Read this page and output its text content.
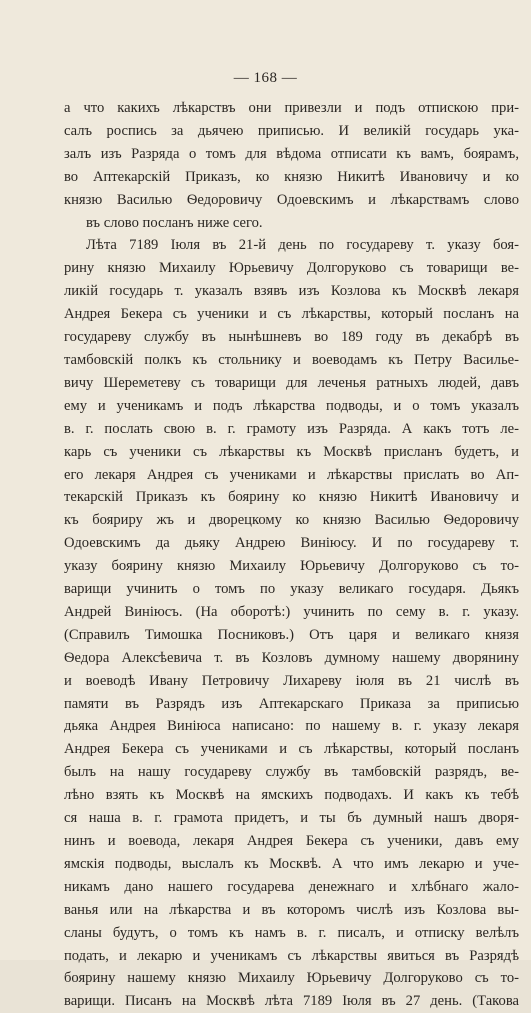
— 168 —
а что какихъ лѣкарствъ они привезли и подъ отпискою при-
салъ роспись за дьячею приписью. И великій государь ука-
залъ изъ Разряда о томъ для вѣдома отписати къ вамъ, боярамъ,
во Аптекарскій Приказъ, ко князю Никитѣ Ивановичу и ко
князю Василью Ѳедоровичу Одоевскимъ и лѣкарствамъ слово
въ слово посланъ ниже сего.
Лѣта 7189 Іюля въ 21-й день по государеву т. указу боя-
рину князю Михаилу Юрьевичу Долгоруково съ товарищи ве-
ликій государь т. указалъ взявъ изъ Козлова къ Москвѣ лекаря
Андрея Бекера съ ученики и съ лѣкарствы, который посланъ на
государеву службу въ нынѣшневъ во 189 году въ декабрѣ въ
тамбовскій полкъ къ стольнику и воеводамъ къ Петру Василье-
вичу Шереметеву съ товарищи для леченья ратныхъ людей, давъ
ему и ученикамъ и подъ лѣкарства подводы, и о томъ указалъ
в. г. послать свою в. г. грамоту изъ Разряда. А какъ тотъ ле-
карь съ ученики съ лѣкарствы къ Москвѣ присланъ будетъ, и
его лекаря Андрея съ учениками и лѣкарствы прислать во Ап-
текарскій Приказъ къ боярину ко князю Никитѣ Ивановичу и
къ бояриру жъ и дворецкому ко князю Василью Ѳедоровичу
Одоевскимъ да дьяку Андрею Виніюсу. И по государеву т.
указу боярину князю Михаилу Юрьевичу Долгоруково съ то-
варищи учинить о томъ по указу великаго государя. Дьякъ
Андрей Виніюсъ. (На оборотѣ:) учинить по сему в. г. указу.
(Справилъ Тимошка Посниковъ.) Отъ царя и великаго князя
Ѳедора Алексѣевича т. въ Козловъ думному нашему дворянину
и воеводѣ Ивану Петровичу Лихареву іюля въ 21 числѣ въ
памяти въ Разрядъ изъ Аптекарскаго Приказа за приписью
дьяка Андрея Виніюса написано: по нашему в. г. указу лекаря
Андрея Бекера съ учениками и съ лѣкарствы, который посланъ
былъ на нашу государеву службу въ тамбовскій разрядъ, ве-
лѣно взять къ Москвѣ на ямскихъ подводахъ. И какъ къ тебѣ
ся наша в. г. грамота придетъ, и ты бъ думный нашъ дворя-
нинъ и воевода, лекаря Андрея Бекера съ ученики, давъ ему
ямскія подводы, выслалъ къ Москвѣ. А что имъ лекарю и уче-
никамъ дано нашего государева денежнаго и хлѣбнаго жало-
ванья или на лѣкарства и въ которомъ числѣ изъ Козлова вы-
сланы будутъ, о томъ къ намъ в. г. писалъ, и отписку велѣлъ
подать, и лекарю и ученикамъ съ лѣкарствы явиться въ Разрядѣ
боярину нашему князю Михаилу Юрьевичу Долгоруково съ то-
варищи. Писанъ на Москвѣ лѣта 7189 Іюля въ 27 день. (Такова
